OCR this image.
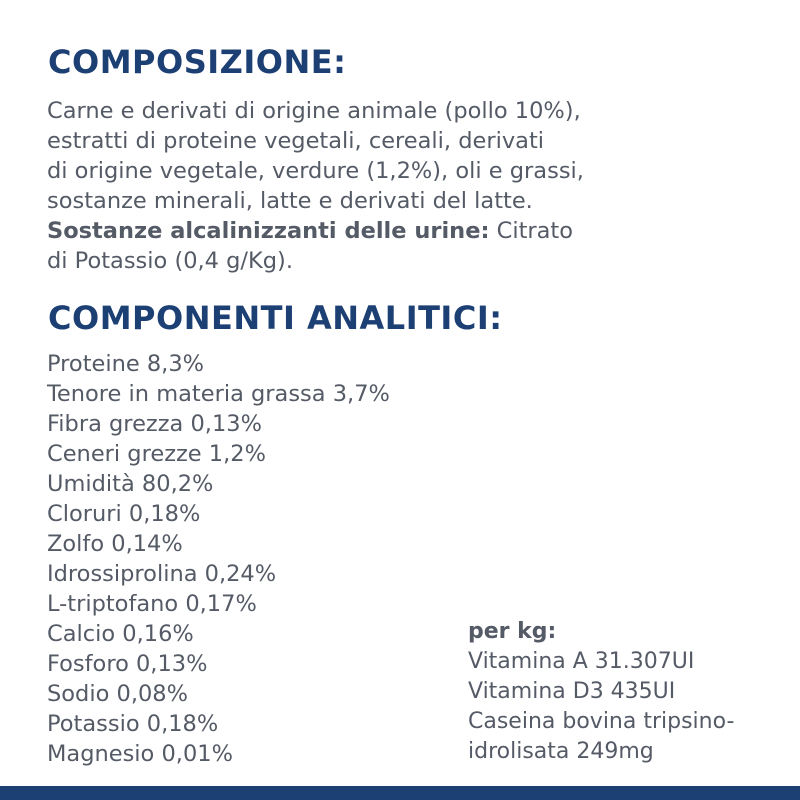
COMPOSIZIONE:
Carne e derivati di origine animale (pollo 10%),
estratti di proteine vegetali, cereali, derivati
di origine vegetale, verdure (1,2%), oli e grassi,
sostanze minerali, latte e derivati del latte.
Sostanze alcalinizzanti delle urine: Citrato
di Potassio (0,4 g/Kg).
COMPONENTI ANALITICI:
Proteine 8,3%
Tenore in materia grassa 3,7%
Fibra grezza 0,13%
Ceneri grezze 1,2%
Umidità 80,2%
Cloruri 0,18%
Zolfo 0,14%
Idrossiprolina 0,24%
L-triptofano 0,17%
Calcio 0,16%
Fosforo 0,13%
Sodio 0,08%
Potassio 0,18%
Magnesio 0,01%
per kg:
Vitamina A 31.307UI
Vitamina D3 435UI
Caseina bovina tripsino-
idrolisata 249mg
